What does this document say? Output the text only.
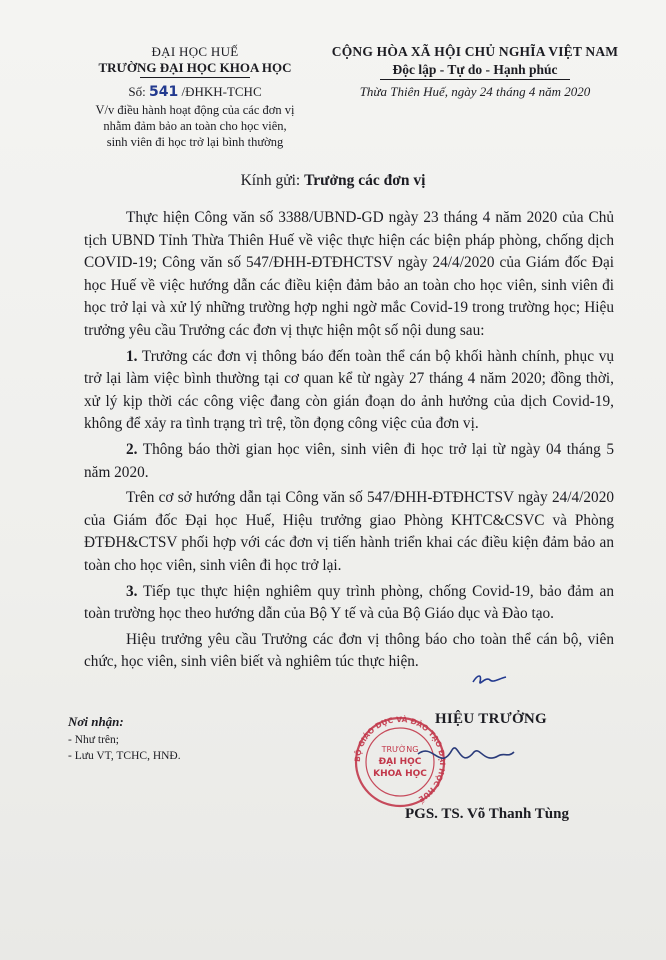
ĐẠI HỌC HUẾ
TRƯỜNG ĐẠI HỌC KHOA HỌC
Số: 541 /ĐHKH-TCHC
V/v điều hành hoạt động của các đơn vị
nhằm đảm bảo an toàn cho học viên,
sinh viên đi học trở lại bình thường
CỘNG HÒA XÃ HỘI CHỦ NGHĨA VIỆT NAM
Độc lập - Tự do - Hạnh phúc
Thừa Thiên Huế, ngày 24 tháng 4 năm 2020
Kính gửi: Trưởng các đơn vị

Thực hiện Công văn số 3388/UBND-GD ngày 23 tháng 4 năm 2020 của Chủ tịch UBND Tỉnh Thừa Thiên Huế về việc thực hiện các biện pháp phòng, chống dịch COVID-19; Công văn số 547/ĐHH-ĐTĐHCTSV ngày 24/4/2020 của Giám đốc Đại học Huế về việc hướng dẫn các điều kiện đảm bảo an toàn cho học viên, sinh viên đi học trở lại và xử lý những trường hợp nghi ngờ mắc Covid-19 trong trường học; Hiệu trưởng yêu cầu Trưởng các đơn vị thực hiện một số nội dung sau:

1. Trưởng các đơn vị thông báo đến toàn thể cán bộ khối hành chính, phục vụ trở lại làm việc bình thường tại cơ quan kể từ ngày 27 tháng 4 năm 2020; đồng thời, xử lý kịp thời các công việc đang còn gián đoạn do ảnh hưởng của dịch Covid-19, không để xảy ra tình trạng trì trệ, tồn đọng công việc của đơn vị.

2. Thông báo thời gian học viên, sinh viên đi học trở lại từ ngày 04 tháng 5 năm 2020.

Trên cơ sở hướng dẫn tại Công văn số 547/ĐHH-ĐTĐHCTSV ngày 24/4/2020 của Giám đốc Đại học Huế, Hiệu trưởng giao Phòng KHTC&CSVC và Phòng ĐTĐH&CTSV phối hợp với các đơn vị tiến hành triển khai các điều kiện đảm bảo an toàn cho học viên, sinh viên đi học trở lại.

3. Tiếp tục thực hiện nghiêm quy trình phòng, chống Covid-19, bảo đảm an toàn trường học theo hướng dẫn của Bộ Y tế và của Bộ Giáo dục và Đào tạo.

Hiệu trưởng yêu cầu Trưởng các đơn vị thông báo cho toàn thể cán bộ, viên chức, học viên, sinh viên biết và nghiêm túc thực hiện.

Nơi nhận:
- Như trên;
- Lưu VT, TCHC, HNĐ.	BỘ GIÁO DỤC VÀ ĐÀO TẠO ĐẠI HỌC HUẾ
TRƯỜNG
ĐẠI HỌC
KHOA HỌC
HIỆU TRƯỞNG
PGS. TS. Võ Thanh Tùng
